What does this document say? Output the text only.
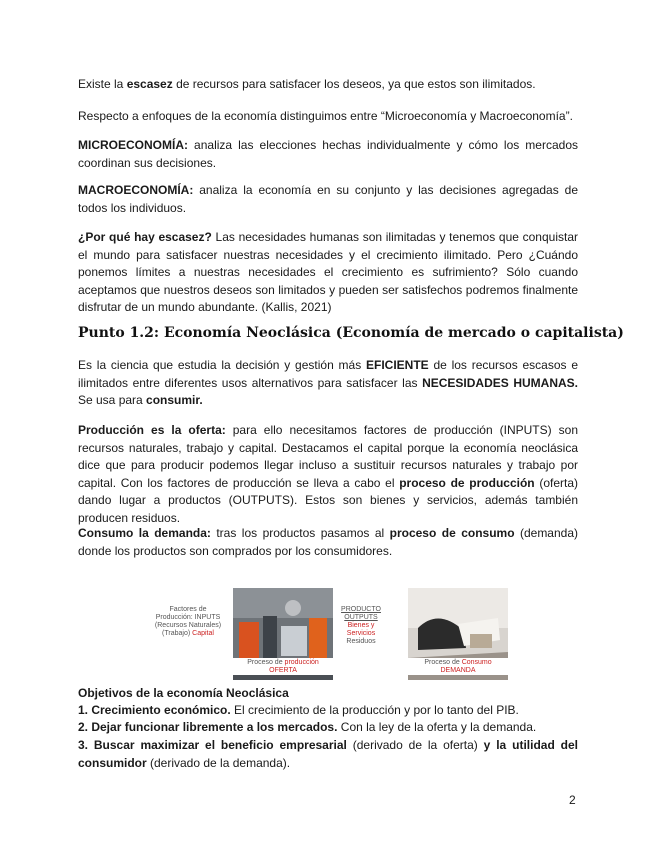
Existe la escasez de recursos para satisfacer los deseos, ya que estos son ilimitados.

Respecto a enfoques de la economía distinguimos entre “Microeconomía y Macroeconomía”.

MICROECONOMÍA: analiza las elecciones hechas individualmente y cómo los mercados coordinan sus decisiones.

MACROECONOMÍA: analiza la economía en su conjunto y las decisiones agregadas de todos los individuos.

¿Por qué hay escasez? Las necesidades humanas son ilimitadas y tenemos que conquistar el mundo para satisfacer nuestras necesidades y el crecimiento ilimitado. Pero ¿Cuándo ponemos límites a nuestras necesidades el crecimiento es sufrimiento? Sólo cuando aceptamos que nuestros deseos son limitados y pueden ser satisfechos podremos finalmente disfrutar de un mundo abundante. (Kallis, 2021)

Punto 1.2: Economía Neoclásica (Economía de mercado o capitalista)

Es la ciencia que estudia la decisión y gestión más EFICIENTE de los recursos escasos e ilimitados entre diferentes usos alternativos para satisfacer las NECESIDADES HUMANAS. Se usa para consumir.

Producción es la oferta: para ello necesitamos factores de producción (INPUTS) son recursos naturales, trabajo y capital. Destacamos el capital porque la economía neoclásica dice que para producir podemos llegar incluso a sustituir recursos naturales y trabajo por capital. Con los factores de producción se lleva a cabo el proceso de producción (oferta) dando lugar a productos (OUTPUTS). Estos son bienes y servicios, además también

producen residuos.

Consumo la demanda: tras los productos pasamos al proceso de consumo (demanda) donde los productos son comprados por los consumidores.

Factores de
Producción: INPUTS
(Recursos Naturales)
(Trabajo) Capital
Proceso de producción
OFERTA
PRODUCTO
OUTPUTS
Bienes y
Servicios
Residuos
Proceso de Consumo
DEMANDA

Objetivos de la economía Neoclásica

1. Crecimiento económico. El crecimiento de la producción y por lo tanto del PIB.

2. Dejar funcionar libremente a los mercados. Con la ley de la oferta y la demanda.

3. Buscar maximizar el beneficio empresarial (derivado de la oferta) y la utilidad del consumidor (derivado de la demanda).

2
